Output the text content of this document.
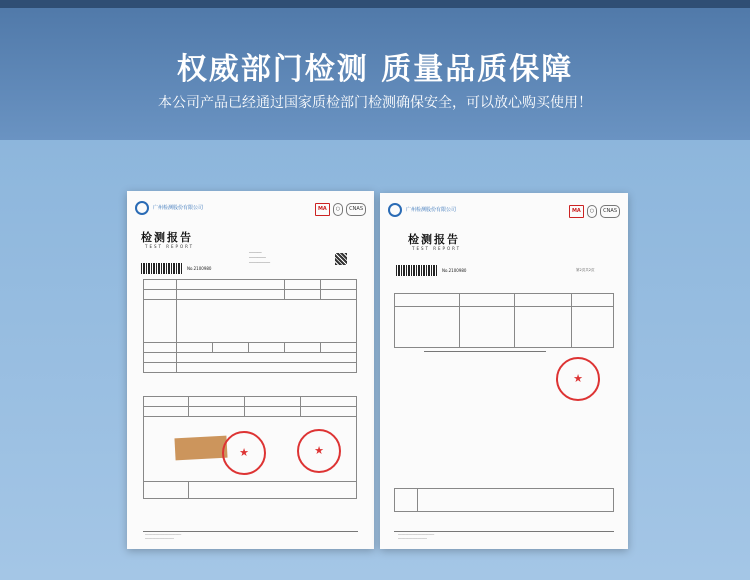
权威部门检测 质量品质保障
本公司产品已经通过国家质检部门检测确保安全，可以放心购买使用！
广州检测股份有限公司	MA	○	CNAS
检测报告
TEST REPORT
──────
────────
──────────
No.2100980

★	★
────────────────────
────────────────
广州检测股份有限公司	MA	○	CNAS
检测报告
TEST REPORT
No.2100980	第2页共2页

★

────────────────────
────────────────
